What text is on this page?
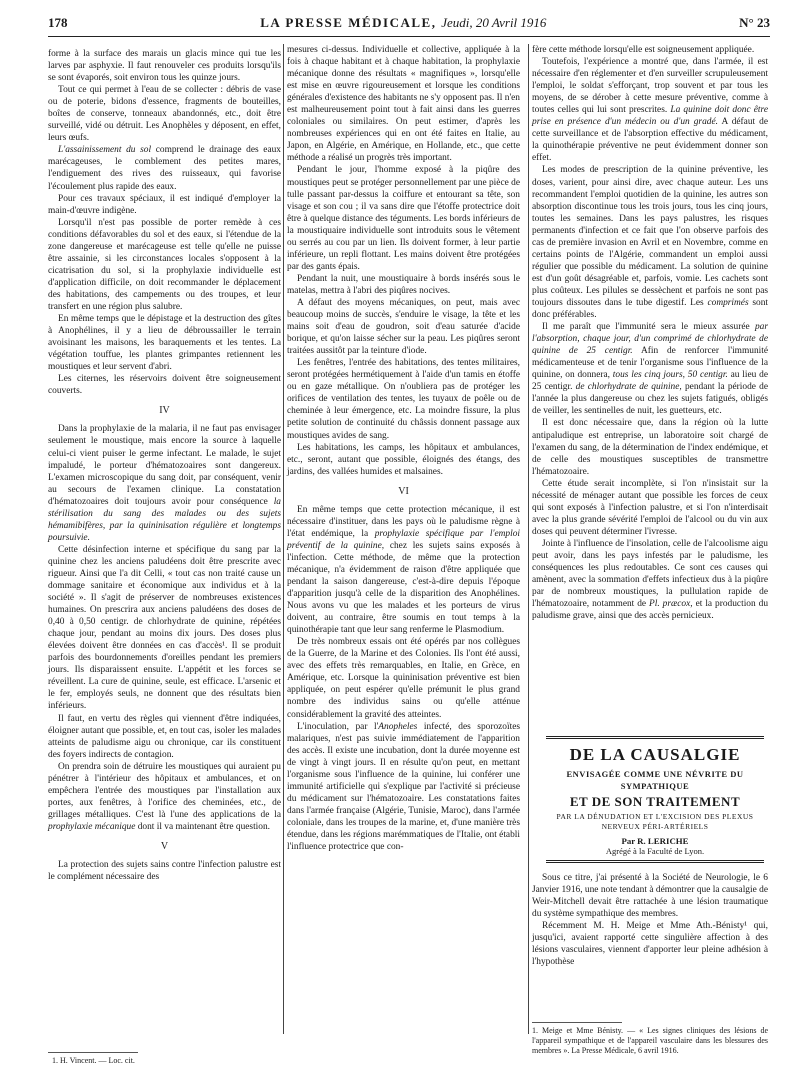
178	LA PRESSE MÉDICALE, Jeudi, 20 Avril 1916	N° 23

forme à la surface des marais un glacis mince qui tue les larves par asphyxie. Il faut renouveler ces produits lorsqu'ils se sont évaporés, soit environ tous les quinze jours.

Tout ce qui permet à l'eau de se collecter : débris de vase ou de poterie, bidons d'essence, fragments de bouteilles, boîtes de conserve, tonneaux abandonnés, etc., doit être surveillé, vidé ou détruit. Les Anophèles y déposent, en effet, leurs œufs.

L'assainissement du sol comprend le drainage des eaux marécageuses, le comblement des petites mares, l'endiguement des rives des ruisseaux, qui favorise l'écoulement plus rapide des eaux.

Pour ces travaux spéciaux, il est indiqué d'employer la main-d'œuvre indigène.

Lorsqu'il n'est pas possible de porter remède à ces conditions défavorables du sol et des eaux, si l'étendue de la zone dangereuse et marécageuse est telle qu'elle ne puisse être assainie, si les circonstances locales s'opposent à la cicatrisation du sol, si la prophylaxie individuelle est d'application difficile, on doit recommander le déplacement des habitations, des campements ou des troupes, et leur transfert en une région plus salubre.

En même temps que le dépistage et la destruction des gîtes à Anophélines, il y a lieu de débroussailler le terrain avoisinant les maisons, les baraquements et les tentes. La végétation touffue, les plantes grimpantes retiennent les moustiques et leur servent d'abri.

Les citernes, les réservoirs doivent être soigneusement couverts.

IV

Dans la prophylaxie de la malaria, il ne faut pas envisager seulement le moustique, mais encore la source à laquelle celui-ci vient puiser le germe infectant. Le malade, le sujet impaludé, le porteur d'hématozoaires sont dangereux. L'examen microscopique du sang doit, par conséquent, venir au secours de l'examen clinique. La constatation d'hématozoaires doit toujours avoir pour conséquence la stérilisation du sang des malades ou des sujets hémamibifères, par la quininisation régulière et longtemps poursuivie.

Cette désinfection interne et spécifique du sang par la quinine chez les anciens paludéens doit être prescrite avec rigueur. Ainsi que l'a dit Celli, « tout cas non traité cause un dommage sanitaire et économique aux individus et à la société ». Il s'agit de préserver de nombreuses existences humaines. On prescrira aux anciens paludéens des doses de 0,40 à 0,50 centigr. de chlorhydrate de quinine, répétées chaque jour, pendant au moins dix jours. Des doses plus élevées doivent être données en cas d'accès¹. Il se produit parfois des bourdonnements d'oreilles pendant les premiers jours. Ils disparaissent ensuite. L'appétit et les forces se réveillent. La cure de quinine, seule, est efficace. L'arsenic et le fer, employés seuls, ne donnent que des résultats bien inférieurs.

Il faut, en vertu des règles qui viennent d'être indiquées, éloigner autant que possible, et, en tout cas, isoler les malades atteints de paludisme aigu ou chronique, car ils constituent des foyers indirects de contagion.

On prendra soin de détruire les moustiques qui auraient pu pénétrer à l'intérieur des hôpitaux et ambulances, et on empêchera l'entrée des moustiques par l'installation aux portes, aux fenêtres, à l'orifice des cheminées, etc., de grillages métalliques. C'est là l'une des applications de la prophylaxie mécanique dont il va maintenant être question.

V

La protection des sujets sains contre l'infection palustre est le complément nécessaire des

1. H. Vincent. — Loc. cit.

mesures ci-dessus. Individuelle et collective, appliquée à la fois à chaque habitant et à chaque habitation, la prophylaxie mécanique donne des résultats « magnifiques », lorsqu'elle est mise en œuvre rigoureusement et lorsque les conditions générales d'existence des habitants ne s'y opposent pas. Il n'en est malheureusement point tout à fait ainsi dans les guerres coloniales ou similaires. On peut estimer, d'après les nombreuses expériences qui en ont été faites en Italie, au Japon, en Algérie, en Amérique, en Hollande, etc., que cette méthode a réalisé un progrès très important.

Pendant le jour, l'homme exposé à la piqûre des moustiques peut se protéger personnellement par une pièce de tulle passant par-dessus la coiffure et entourant sa tête, son visage et son cou ; il va sans dire que l'étoffe protectrice doit être à quelque distance des téguments. Les bords inférieurs de la moustiquaire individuelle sont introduits sous le vêtement ou serrés au cou par un lien. Ils doivent former, à leur partie inférieure, un repli flottant. Les mains doivent être protégées par des gants épais.

Pendant la nuit, une moustiquaire à bords insérés sous le matelas, mettra à l'abri des piqûres nocives.

A défaut des moyens mécaniques, on peut, mais avec beaucoup moins de succès, s'enduire le visage, la tête et les mains soit d'eau de goudron, soit d'eau saturée d'acide borique, et qu'on laisse sécher sur la peau. Les piqûres seront traitées aussitôt par la teinture d'iode.

Les fenêtres, l'entrée des habitations, des tentes militaires, seront protégées hermétiquement à l'aide d'un tamis en étoffe ou en gaze métallique. On n'oubliera pas de protéger les orifices de ventilation des tentes, les tuyaux de poêle ou de cheminée à leur émergence, etc. La moindre fissure, la plus petite solution de continuité du châssis donnent passage aux moustiques avides de sang.

Les habitations, les camps, les hôpitaux et ambulances, etc., seront, autant que possible, éloignés des étangs, des jardins, des vallées humides et malsaines.

VI

En même temps que cette protection mécanique, il est nécessaire d'instituer, dans les pays où le paludisme règne à l'état endémique, la prophylaxie spécifique par l'emploi préventif de la quinine, chez les sujets sains exposés à l'infection. Cette méthode, de même que la protection mécanique, n'a évidemment de raison d'être appliquée que pendant la saison dangereuse, c'est-à-dire depuis l'époque d'apparition jusqu'à celle de la disparition des Anophélines. Nous avons vu que les malades et les porteurs de virus doivent, au contraire, être soumis en tout temps à la quinothérapie tant que leur sang renferme le Plasmodium.

De très nombreux essais ont été opérés par nos collègues de la Guerre, de la Marine et des Colonies. Ils l'ont été aussi, avec des effets très remarquables, en Italie, en Grèce, en Amérique, etc. Lorsque la quininisation préventive est bien appliquée, on peut espérer qu'elle prémunit le plus grand nombre des individus sains ou qu'elle atténue considérablement la gravité des atteintes.

L'inoculation, par l'Anopheles infecté, des sporozoïtes malariques, n'est pas suivie immédiatement de l'apparition des accès. Il existe une incubation, dont la durée moyenne est de vingt à vingt jours. Il en résulte qu'on peut, en mettant l'organisme sous l'influence de la quinine, lui conférer une immunité artificielle qui s'explique par l'activité si précieuse du médicament sur l'hématozoaire. Les constatations faites dans l'armée française (Algérie, Tunisie, Maroc), dans l'armée coloniale, dans les troupes de la marine, et, d'une manière très étendue, dans les régions marémmatiques de l'Italie, ont établi l'influence protectrice que con-

fère cette méthode lorsqu'elle est soigneusement appliquée.

Toutefois, l'expérience a montré que, dans l'armée, il est nécessaire d'en réglementer et d'en surveiller scrupuleusement l'emploi, le soldat s'efforçant, trop souvent et par tous les moyens, de se dérober à cette mesure préventive, comme à toutes celles qui lui sont prescrites. La quinine doit donc être prise en présence d'un médecin ou d'un gradé. A défaut de cette surveillance et de l'absorption effective du médicament, la quinothérapie préventive ne peut évidemment donner son effet.

Les modes de prescription de la quinine préventive, les doses, varient, pour ainsi dire, avec chaque auteur. Les uns recommandent l'emploi quotidien de la quinine, les autres son absorption discontinue tous les trois jours, tous les cinq jours, toutes les semaines. Dans les pays palustres, les risques permanents d'infection et ce fait que l'on observe parfois des cas de première invasion en Avril et en Novembre, comme en certains points de l'Algérie, commandent un emploi aussi régulier que possible du médicament. La solution de quinine est d'un goût désagréable et, parfois, vomie. Les cachets sont plus coûteux. Les pilules se dessèchent et parfois ne sont pas toujours dissoutes dans le tube digestif. Les comprimés sont donc préférables.

Il me paraît que l'immunité sera le mieux assurée par l'absorption, chaque jour, d'un comprimé de chlorhydrate de quinine de 25 centigr. Afin de renforcer l'immunité médicamenteuse et de tenir l'organisme sous l'influence de la quinine, on donnera, tous les cinq jours, 50 centigr. au lieu de 25 centigr. de chlorhydrate de quinine, pendant la période de l'année la plus dangereuse ou chez les sujets fatigués, obligés de veiller, les sentinelles de nuit, les guetteurs, etc.

Il est donc nécessaire que, dans la région où la lutte antipaludique est entreprise, un laboratoire soit chargé de l'examen du sang, de la détermination de l'index endémique, et de celle des moustiques susceptibles de transmettre l'hématozoaire.

Cette étude serait incomplète, si l'on n'insistait sur la nécessité de ménager autant que possible les forces de ceux qui sont exposés à l'infection palustre, et si l'on n'interdisait avec la plus grande sévérité l'emploi de l'alcool ou du vin aux doses qui peuvent déterminer l'ivresse.

Jointe à l'influence de l'insolation, celle de l'alcoolisme aigu peut avoir, dans les pays infestés par le paludisme, les conséquences les plus redoutables. Ce sont ces causes qui amènent, avec la sommation d'effets infectieux dus à la piqûre par de nombreux moustiques, la pullulation rapide de l'hématozoaire, notamment de Pl. præcox, et la production du paludisme grave, ainsi que des accès pernicieux.

DE LA CAUSALGIE
ENVISAGÉE COMME UNE NÉVRITE DU SYMPATHIQUE
ET DE SON TRAITEMENT
PAR LA DÉNUDATION ET L'EXCISION DES PLEXUS
NERVEUX PÉRI-ARTÉRIELS
Par R. LERICHE
Agrégé à la Faculté de Lyon.

Sous ce titre, j'ai présenté à la Société de Neurologie, le 6 Janvier 1916, une note tendant à démontrer que la causalgie de Weir-Mitchell devait être rattachée à une lésion traumatique du système sympathique des membres.

Récemment M. H. Meige et Mme Ath.-Bénisty¹ qui, jusqu'ici, avaient rapporté cette singulière affection à des lésions vasculaires, viennent d'apporter leur pleine adhésion à l'hypothèse

1. Meige et Mme Bénisty. — « Les signes cliniques des lésions de l'appareil sympathique et de l'appareil vasculaire dans les blessures des membres ». La Presse Médicale, 6 avril 1916.
